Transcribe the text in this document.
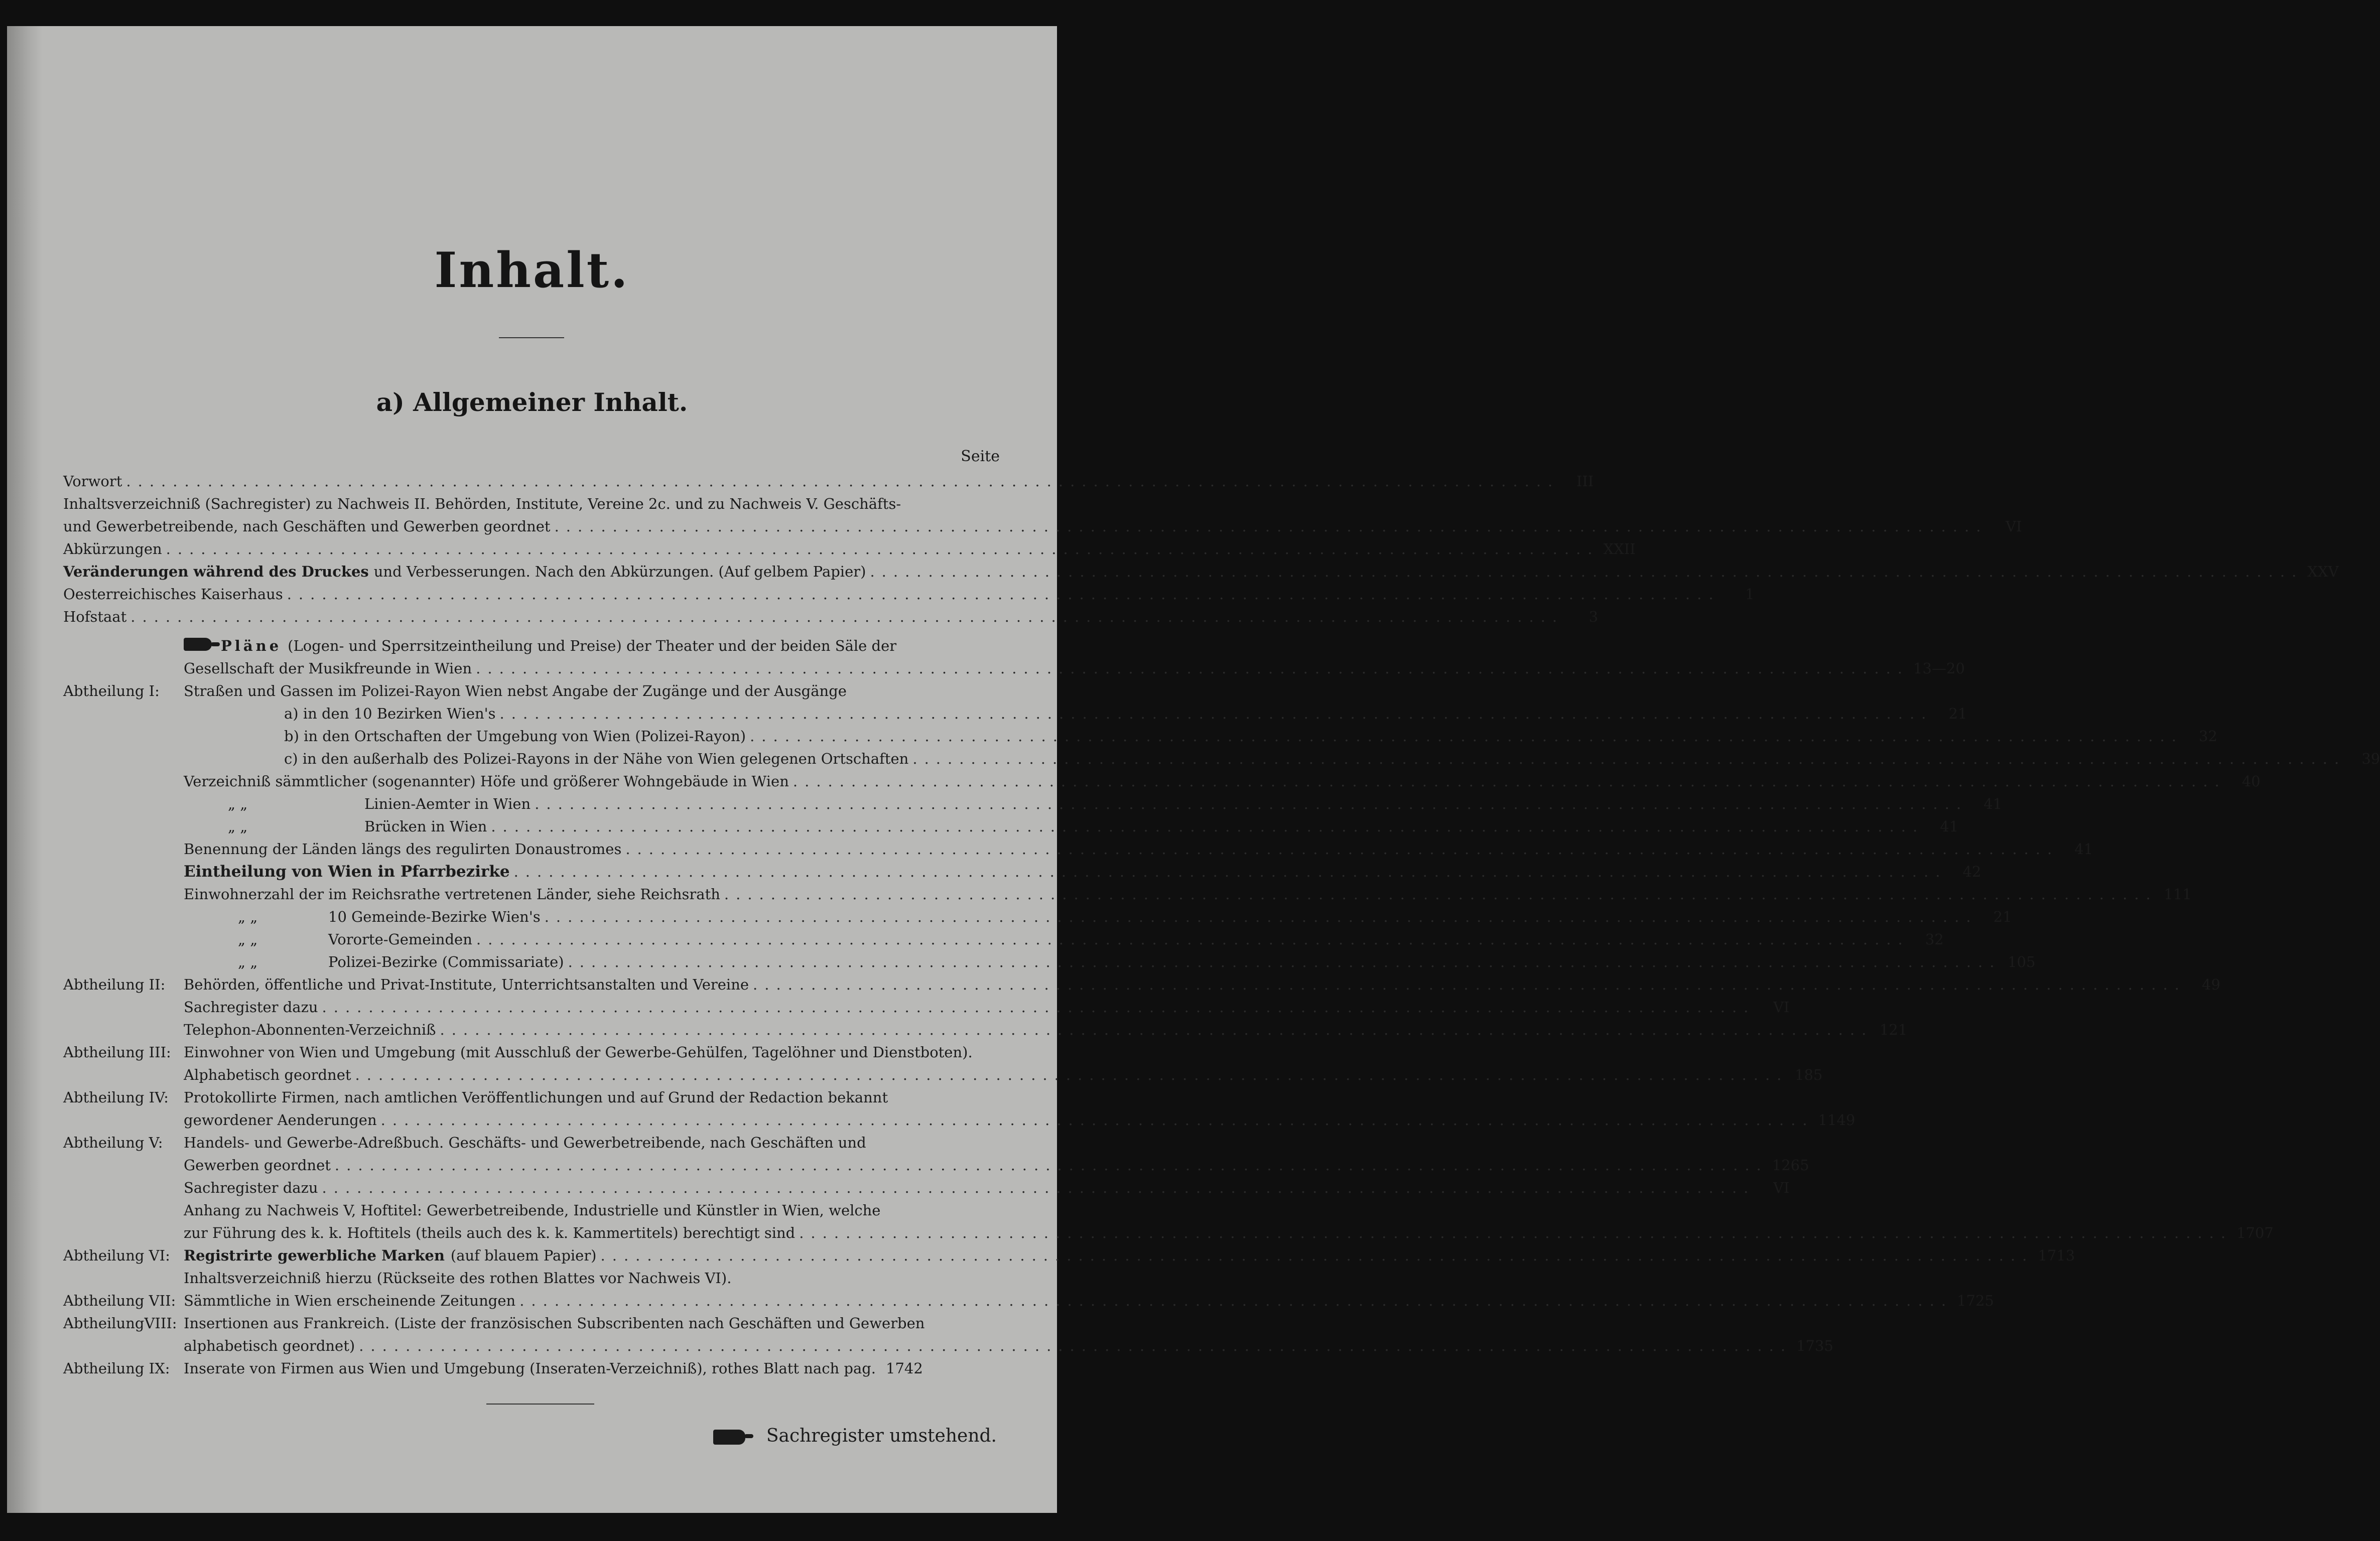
Inhalt.
a) Allgemeiner Inhalt.
Seite
Vorwort ...........................................................................................................................	III
Inhaltsverzeichniß (Sachregister) zu Nachweis II. Behörden, Institute, Vereine 2c. und zu Nachweis V. Geschäfts-
und Gewerbetreibende, nach Geschäften und Gewerben geordnet ...........................................................................................................................	VI
Abkürzungen ........................................................................................................................... XXII
Veränderungen während des Druckes und Verbesserungen. Nach den Abkürzungen. (Auf gelbem Papier) ........................................................................................................................... XXV
Oesterreichisches Kaiserhaus ...........................................................................................................................	1
Hofstaat ...........................................................................................................................	3
Pläne (Logen- und Sperrsitzeintheilung und Preise) der Theater und der beiden Säle der
Gesellschaft der Musikfreunde in Wien ........................................................................................................................... 13—20
Abtheilung I: Straßen und Gassen im Polizei-Rayon Wien nebst Angabe der Zugänge und der Ausgänge
a) in den 10 Bezirken Wien's ...........................................................................................................................	21
b) in den Ortschaften der Umgebung von Wien (Polizei-Rayon) ...........................................................................................................................	32
c) in den außerhalb des Polizei-Rayons in der Nähe von Wien gelegenen Ortschaften ...........................................................................................................................	39
Verzeichniß sämmtlicher (sogenannter) Höfe und größerer Wohngebäude in Wien ...........................................................................................................................	40
„ „	Linien-Aemter in Wien ...........................................................................................................................	41
„ „	Brücken in Wien ...........................................................................................................................	41
Benennung der Länden längs des regulirten Donaustromes ...........................................................................................................................	41
Eintheilung von Wien in Pfarrbezirke ...........................................................................................................................	42
Einwohnerzahl der im Reichsrathe vertretenen Länder, siehe Reichsrath ........................................................................................................................... 111
„ „	10 Gemeinde-Bezirke Wien's ...........................................................................................................................	21
„ „	Vororte-Gemeinden ...........................................................................................................................	32
„ „	Polizei-Bezirke (Commissariate) ........................................................................................................................... 105
Abtheilung II: Behörden, öffentliche und Privat-Institute, Unterrichtsanstalten und Vereine ...........................................................................................................................	49
Sachregister dazu ...........................................................................................................................	VI
Telephon-Abonnenten-Verzeichniß ........................................................................................................................... 121
Abtheilung III: Einwohner von Wien und Umgebung (mit Ausschluß der Gewerbe-Gehülfen, Tagelöhner und Dienstboten).
Alphabetisch geordnet ........................................................................................................................... 185
Abtheilung IV: Protokollirte Firmen, nach amtlichen Veröffentlichungen und auf Grund der Redaction bekannt
gewordener Aenderungen ........................................................................................................................... 1149
Abtheilung V: Handels- und Gewerbe-Adreßbuch. Geschäfts- und Gewerbetreibende, nach Geschäften und
Gewerben geordnet ........................................................................................................................... 1265
Sachregister dazu ...........................................................................................................................	VI
Anhang zu Nachweis V, Hoftitel: Gewerbetreibende, Industrielle und Künstler in Wien, welche
zur Führung des k. k. Hoftitels (theils auch des k. k. Kammertitels) berechtigt sind ........................................................................................................................... 1707
Abtheilung VI: Registrirte gewerbliche Marken (auf blauem Papier) ........................................................................................................................... 1713
Inhaltsverzeichniß hierzu (Rückseite des rothen Blattes vor Nachweis VI).
Abtheilung VII: Sämmtliche in Wien erscheinende Zeitungen ........................................................................................................................... 1725
AbtheilungVIII: Insertionen aus Frankreich. (Liste der französischen Subscribenten nach Geschäften und Gewerben
alphabetisch geordnet) ........................................................................................................................... 1735
Abtheilung IX: Inserate von Firmen aus Wien und Umgebung (Inseraten-Verzeichniß), rothes Blatt nach pag. 1742
Sachregister umstehend.
